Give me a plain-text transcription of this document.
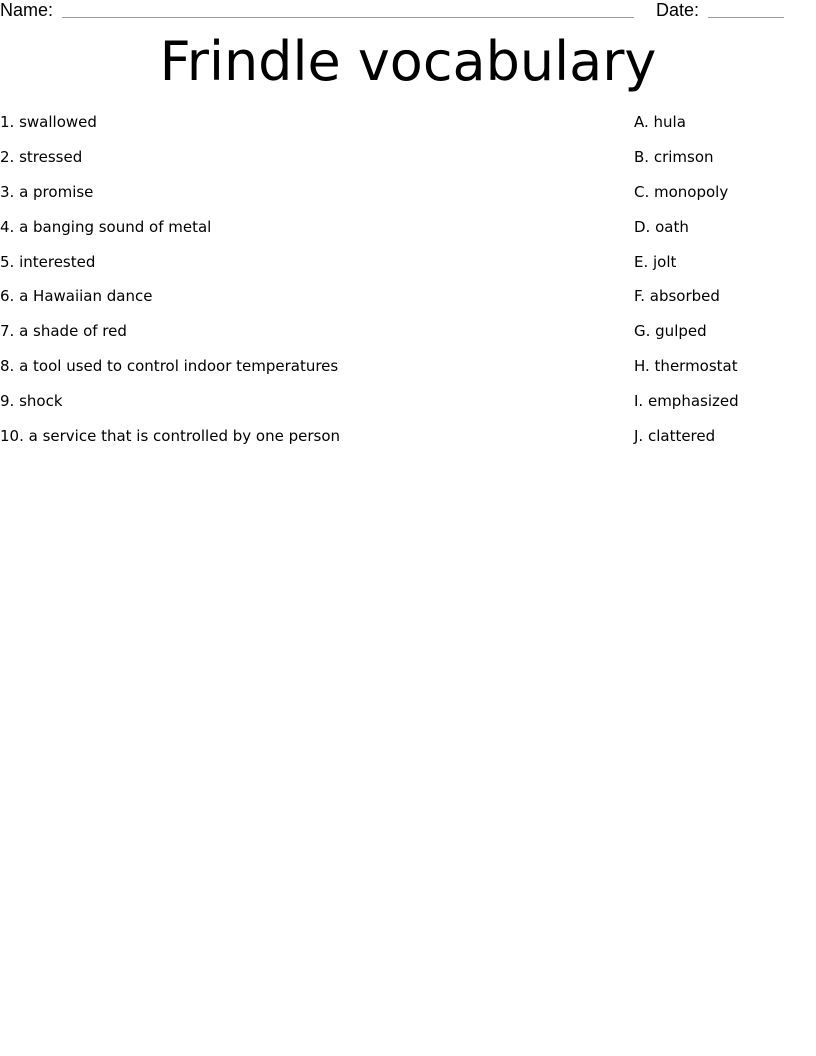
Name:	Date:
Frindle vocabulary
1. swallowed
2. stressed
3. a promise
4. a banging sound of metal
5. interested
6. a Hawaiian dance
7. a shade of red
8. a tool used to control indoor temperatures
9. shock
10. a service that is controlled by one person
A. hula
B. crimson
C. monopoly
D. oath
E. jolt
F. absorbed
G. gulped
H. thermostat
I. emphasized
J. clattered
